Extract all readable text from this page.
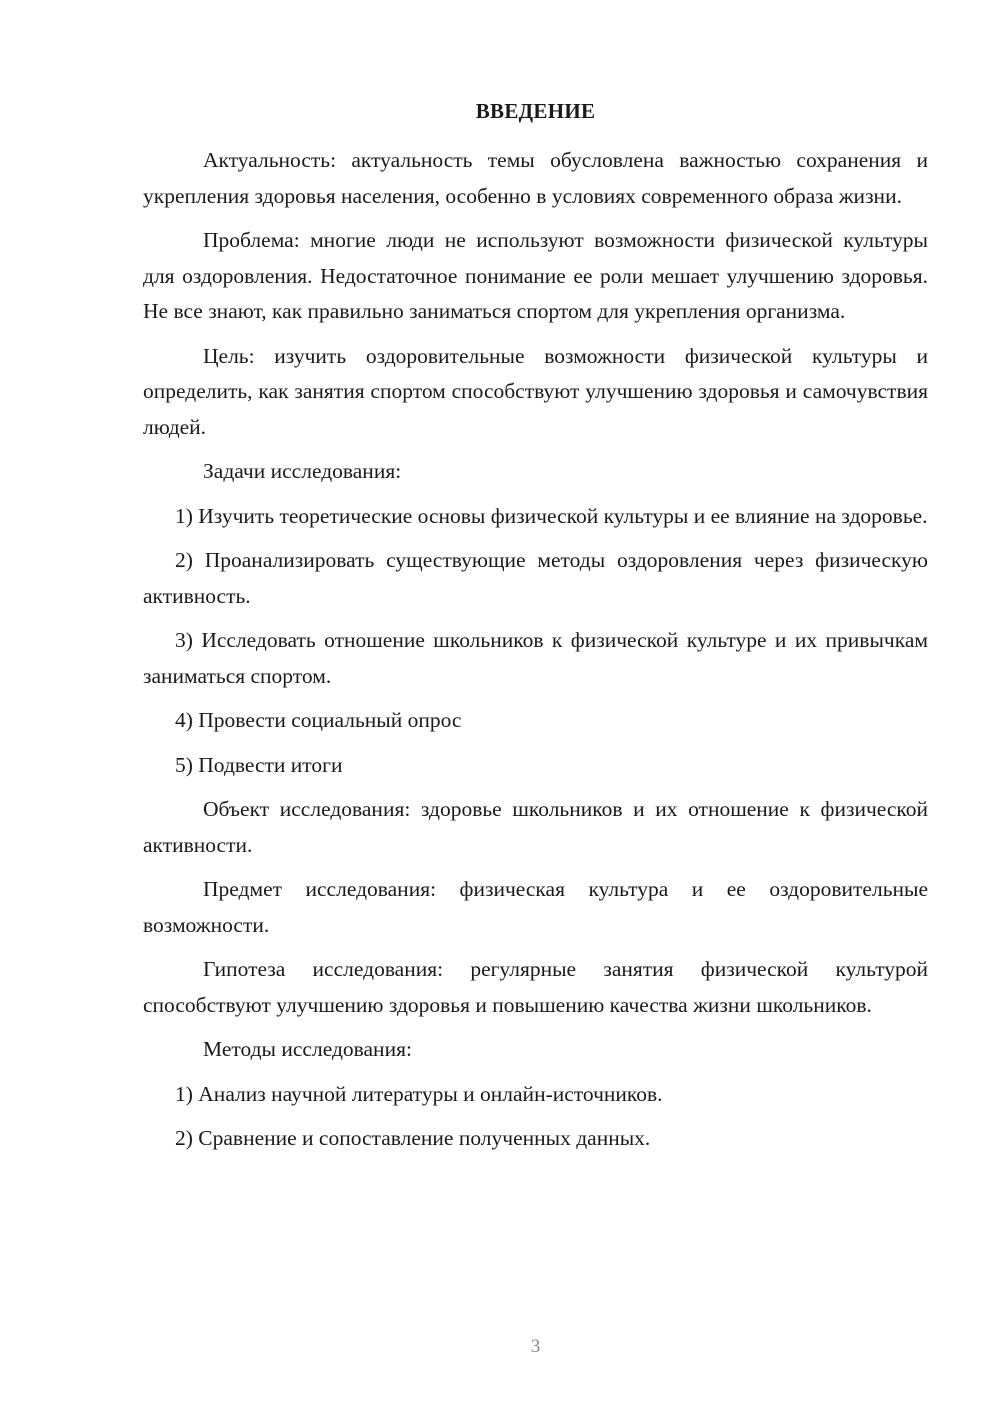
ВВЕДЕНИЕ

Актуальность: актуальность темы обусловлена важностью сохранения и укрепления здоровья населения, особенно в условиях современного образа жизни.

Проблема: многие люди не используют возможности физической культуры для оздоровления. Недостаточное понимание ее роли мешает улучшению здоровья. Не все знают, как правильно заниматься спортом для укрепления организма.

Цель: изучить оздоровительные возможности физической культуры и определить, как занятия спортом способствуют улучшению здоровья и самочувствия людей.

Задачи исследования:

1) Изучить теоретические основы физической культуры и ее влияние на здоровье.

2) Проанализировать существующие методы оздоровления через физическую активность.

3) Исследовать отношение школьников к физической культуре и их привычкам заниматься спортом.

4) Провести социальный опрос

5) Подвести итоги

Объект исследования: здоровье школьников и их отношение к физической активности.

Предмет исследования: физическая культура и ее оздоровительные возможности.

Гипотеза исследования: регулярные занятия физической культурой способствуют улучшению здоровья и повышению качества жизни школьников.

Методы исследования:

1) Анализ научной литературы и онлайн-источников.

2) Сравнение и сопоставление полученных данных.

3
